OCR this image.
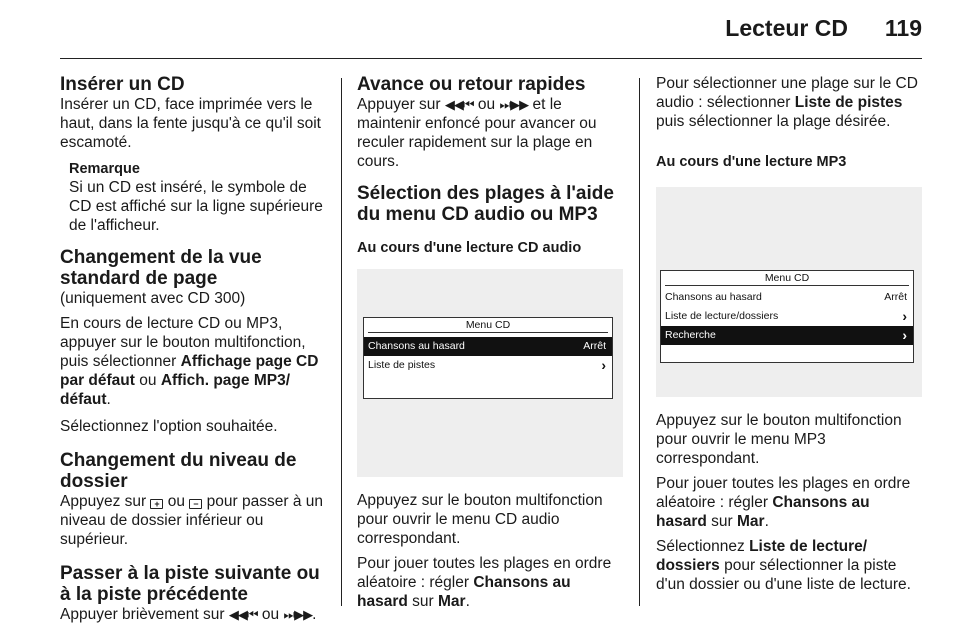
Lecteur CD 119
Insérer un CD

Insérer un CD, face imprimée vers le haut, dans la fente jusqu'à ce qu'il soit escamoté.

Remarque

Si un CD est inséré, le symbole de CD est affiché sur la ligne supérieure de l'afficheur.

Changement de la vue standard de page

(uniquement avec CD 300)

En cours de lecture CD ou MP3, appuyer sur le bouton multifonction, puis sélectionner Affichage page CD par défaut ou Affich. page MP3/ défaut.

Sélectionnez l'option souhaitée.

Changement du niveau de dossier

Appuyez sur + ou − pour passer à un niveau de dossier inférieur ou supérieur.

Passer à la piste suivante ou à la piste précédente

Appuyer brièvement sur ◀◀⏮ ou ⏭▶▶.

Avance ou retour rapides

Appuyer sur ◀◀⏮ ou ⏭▶▶ et le maintenir enfoncé pour avancer ou reculer rapidement sur la plage en cours.

Sélection des plages à l'aide du menu CD audio ou MP3
Au cours d'une lecture CD audio
Menu CD
Chansons au hasard	Arrêt
Liste de pistes	›

Appuyez sur le bouton multifonction pour ouvrir le menu CD audio correspondant.

Pour jouer toutes les plages en ordre aléatoire : régler Chansons au hasard sur Mar.

Pour sélectionner une plage sur le CD audio : sélectionner Liste de pistes puis sélectionner la plage désirée.

Au cours d'une lecture MP3
Menu CD
Chansons au hasard	Arrêt
Liste de lecture/dossiers	›
Recherche	›

Appuyez sur le bouton multifonction pour ouvrir le menu MP3 correspondant.

Pour jouer toutes les plages en ordre aléatoire : régler Chansons au hasard sur Mar.

Sélectionnez Liste de lecture/ dossiers pour sélectionner la piste d'un dossier ou d'une liste de lecture.
